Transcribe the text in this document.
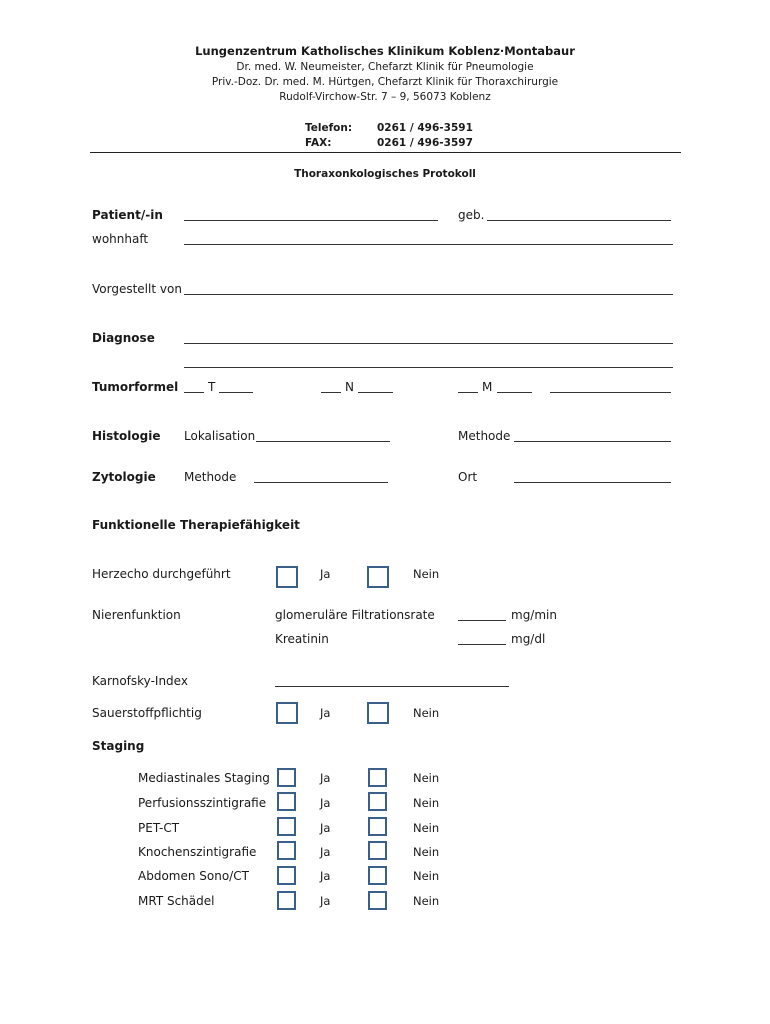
Lungenzentrum Katholisches Klinikum Koblenz·Montabaur
Dr. med. W. Neumeister, Chefarzt Klinik für Pneumologie
Priv.-Doz. Dr. med. M. Hürtgen, Chefarzt Klinik für Thoraxchirurgie
Rudolf-Virchow-Str. 7 – 9, 56073 Koblenz
Telefon: 0261 / 496-3591
FAX:	0261 / 496-3597
Thoraxonkologisches Protokoll
Patient/-in	geb.
wohnhaft
Vorgestellt von
Diagnose
Tumorformel T	N	M
Histologie Lokalisation	Methode
Zytologie Methode	Ort
Funktionelle Therapiefähigkeit
Herzecho durchgeführt	Ja	Nein
Nierenfunktion	glomeruläre Filtrationsrate	mg/min
Kreatinin	mg/dl
Karnofsky-Index
Sauerstoffpflichtig	Ja	Nein
Staging
Mediastinales Staging	Ja	Nein
Perfusionsszintigrafie	Ja	Nein
PET-CT	Ja	Nein
Knochenszintigrafie	Ja	Nein
Abdomen Sono/CT	Ja	Nein
MRT Schädel	Ja	Nein
